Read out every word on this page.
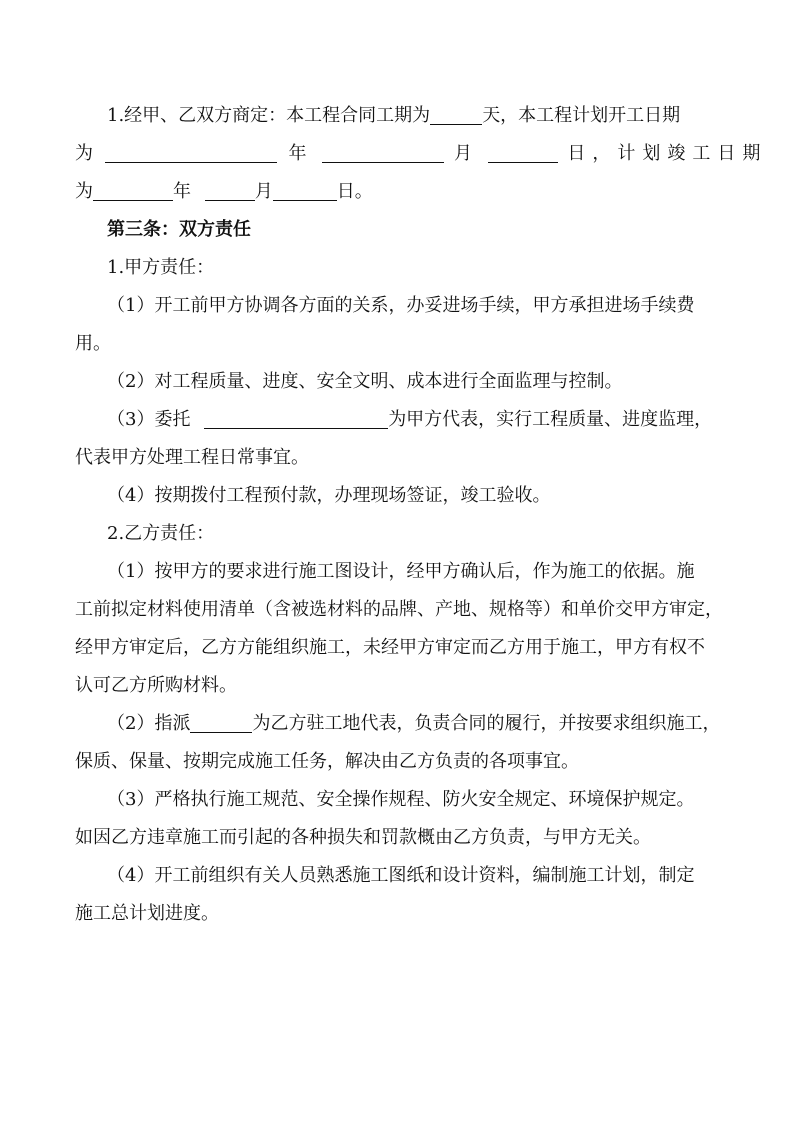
1.经甲、乙双方商定：本工程合同工期为	天，本工程计划开工日期
为	年	月	日，计划竣工日期
为	年	月	日。
第三条：双方责任
1.甲方责任：
（1）开工前甲方协调各方面的关系，办妥进场手续，甲方承担进场手续费
用。
（2）对工程质量、进度、安全文明、成本进行全面监理与控制。
（3）委托	为甲方代表，实行工程质量、进度监理，
代表甲方处理工程日常事宜。
（4）按期拨付工程预付款，办理现场签证，竣工验收。
2.乙方责任：
（1）按甲方的要求进行施工图设计，经甲方确认后，作为施工的依据。施
工前拟定材料使用清单（含被选材料的品牌、产地、规格等）和单价交甲方审定，
经甲方审定后，乙方方能组织施工，未经甲方审定而乙方用于施工，甲方有权不
认可乙方所购材料。
（2）指派	为乙方驻工地代表，负责合同的履行，并按要求组织施工，
保质、保量、按期完成施工任务，解决由乙方负责的各项事宜。
（3）严格执行施工规范、安全操作规程、防火安全规定、环境保护规定。
如因乙方违章施工而引起的各种损失和罚款概由乙方负责，与甲方无关。
（4）开工前组织有关人员熟悉施工图纸和设计资料，编制施工计划，制定
施工总计划进度。
